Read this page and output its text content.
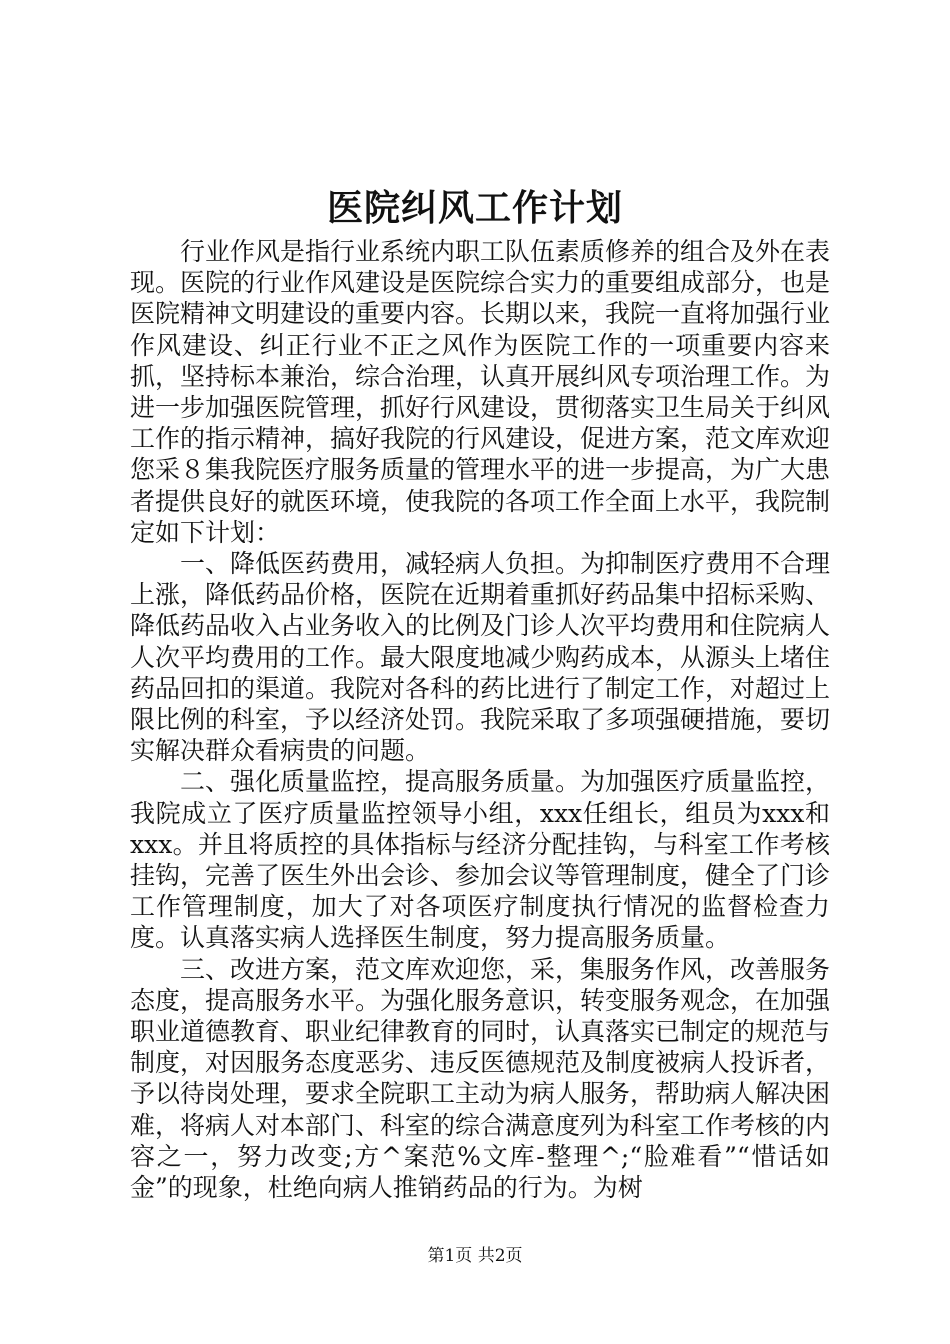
医院纠风工作计划

行业作风是指行业系统内职工队伍素质修养的组合及外在表现。医院的行业作风建设是医院综合实力的重要组成部分，也是医院精神文明建设的重要内容。长期以来，我院一直将加强行业作风建设、纠正行业不正之风作为医院工作的一项重要内容来抓，坚持标本兼治，综合治理，认真开展纠风专项治理工作。为进一步加强医院管理，抓好行风建设，贯彻落实卫生局关于纠风工作的指示精神，搞好我院的行风建设，促进方案，范文库欢迎您采８集我院医疗服务质量的管理水平的进一步提高，为广大患者提供良好的就医环境，使我院的各项工作全面上水平，我院制定如下计划：

一、降低医药费用，减轻病人负担。为抑制医疗费用不合理上涨，降低药品价格，医院在近期着重抓好药品集中招标采购、降低药品收入占业务收入的比例及门诊人次平均费用和住院病人人次平均费用的工作。最大限度地减少购药成本，从源头上堵住药品回扣的渠道。我院对各科的药比进行了制定工作，对超过上限比例的科室，予以经济处罚。我院采取了多项强硬措施，要切实解决群众看病贵的问题。

二、强化质量监控，提高服务质量。为加强医疗质量监控，我院成立了医疗质量监控领导小组，xxx任组长，组员为xxx和xxx。并且将质控的具体指标与经济分配挂钩，与科室工作考核挂钩，完善了医生外出会诊、参加会议等管理制度，健全了门诊工作管理制度，加大了对各项医疗制度执行情况的监督检查力度。认真落实病人选择医生制度，努力提高服务质量。

三、改进方案，范文库欢迎您，采，集服务作风，改善服务态度，提高服务水平。为强化服务意识，转变服务观念，在加强职业道德教育、职业纪律教育的同时，认真落实已制定的规范与制度，对因服务态度恶劣、违反医德规范及制度被病人投诉者，予以待岗处理，要求全院职工主动为病人服务，帮助病人解决困难，将病人对本部门、科室的综合满意度列为科室工作考核的内容之一，努力改变;方^案范%文库-整理^;“脸难看”“惜话如金”的现象，杜绝向病人推销药品的行为。为树

第1页 共2页
